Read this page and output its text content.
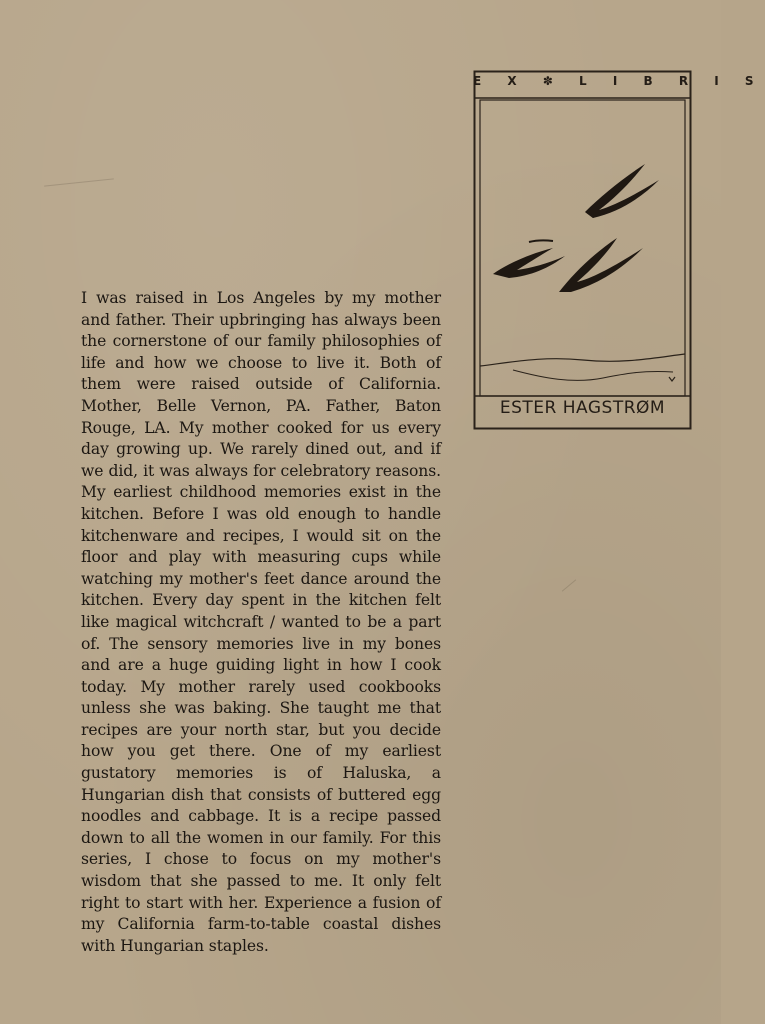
E X ✽ L I B R I S
ESTER HAGSTRØM

I was raised in Los Angeles by my mother and father. Their upbringing has always been the cornerstone of our family philosophies of life and how we choose to live it. Both of them were raised outside of California. Mother, Belle Vernon, PA. Father, Baton Rouge, LA. My mother cooked for us every day growing up. We rarely dined out, and if we did, it was always for celebratory reasons. My earliest childhood memories exist in the kitchen. Before I was old enough to handle kitchenware and recipes, I would sit on the floor and play with measuring cups while watching my mother's feet dance around the kitchen. Every day spent in the kitchen felt like magical witchcraft / wanted to be a part of. The sensory memories live in my bones and are a huge guiding light in how I cook today. My mother rarely used cookbooks unless she was baking. She taught me that recipes are your north star, but you decide how you get there. One of my earliest gustatory memories is of Haluska, a Hungarian dish that consists of buttered egg noodles and cabbage. It is a recipe passed down to all the women in our family. For this series, I chose to focus on my mother's wisdom that she passed to me. It only felt right to start with her. Experience a fusion of my California farm-to-table coastal dishes with Hungarian staples.
